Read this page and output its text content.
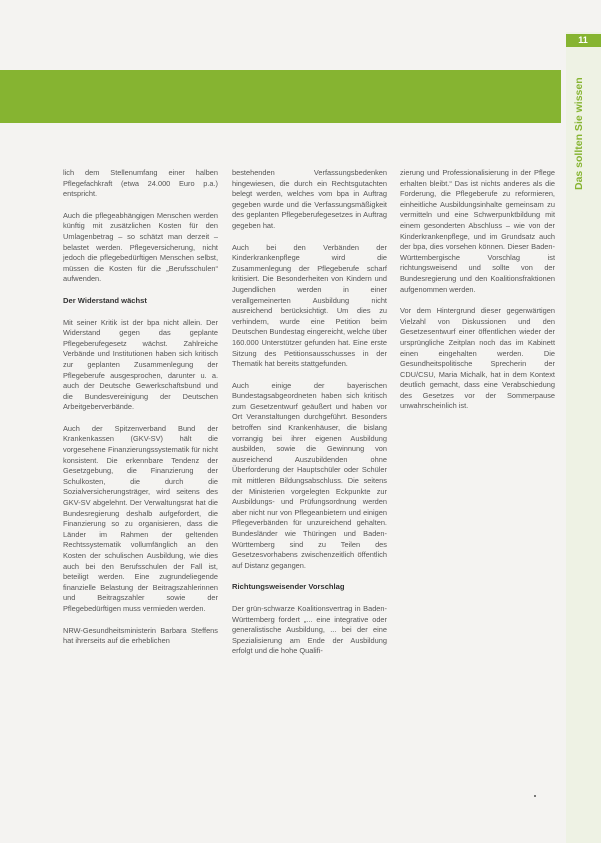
11
Das sollten Sie wissen

lich dem Stellenumfang einer halben Pflegefachkraft (etwa 24.000 Euro p.a.) entspricht.

Auch die pflegeabhängigen Menschen werden künftig mit zusätzlichen Kosten für den Umlagenbetrag – so schätzt man derzeit – belastet werden. Pflegeversicherung, nicht jedoch die pflegebedürftigen Menschen selbst, müssen die Kosten für die „Berufsschulen“ aufwenden.

Der Widerstand wächst

Mit seiner Kritik ist der bpa nicht allein. Der Widerstand gegen das geplante Pflegeberufegesetz wächst. Zahlreiche Verbände und Institutionen haben sich kritisch zur geplanten Zusammenlegung der Pflegeberufe ausgesprochen, darunter u. a. auch der Deutsche Gewerkschaftsbund und die Bundesvereinigung der Deutschen Arbeitgeberverbände.

Auch der Spitzenverband Bund der Krankenkassen (GKV-SV) hält die vorgesehene Finanzierungssystematik für nicht konsistent. Die erkennbare Tendenz der Gesetzgebung, die Finanzierung der Schulkosten, die durch die Sozialversicherungsträger, wird seitens des GKV-SV abgelehnt. Der Verwaltungsrat hat die Bundesregierung deshalb aufgefordert, die Finanzierung so zu organisieren, dass die Länder im Rahmen der geltenden Rechtssystematik vollumfänglich an den Kosten der schulischen Ausbildung, wie dies auch bei den Berufsschulen der Fall ist, beteiligt werden. Eine zugrundeliegende finanzielle Belastung der Beitragszahlerinnen und Beitragszahler sowie der Pflegebedürftigen muss vermieden werden.

NRW-Gesundheitsministerin Barbara Steffens hat ihrerseits auf die erheblichen

bestehenden Verfassungsbedenken hingewiesen, die durch ein Rechtsgutachten belegt werden, welches vom bpa in Auftrag gegeben wurde und die Verfassungsmäßigkeit des geplanten Pflegeberufegesetzes in Auftrag gegeben hat.

Auch bei den Verbänden der Kinderkrankenpflege wird die Zusammenlegung der Pflegeberufe scharf kritisiert. Die Besonderheiten von Kindern und Jugendlichen werden in einer verallgemeinerten Ausbildung nicht ausreichend berücksichtigt. Um dies zu verhindern, wurde eine Petition beim Deutschen Bundestag eingereicht, welche über 160.000 Unterstützer gefunden hat. Eine erste Sitzung des Petitionsausschusses in der Thematik hat bereits stattgefunden.

Auch einige der bayerischen Bundestagsabgeordneten haben sich kritisch zum Gesetzentwurf geäußert und haben vor Ort Veranstaltungen durchgeführt. Besonders betroffen sind Krankenhäuser, die bislang vorrangig bei ihrer eigenen Ausbildung ausbilden, sowie die Gewinnung von ausreichend Auszubildenden ohne Überforderung der Hauptschüler oder Schüler mit mittleren Bildungsabschluss. Die seitens der Ministerien vorgelegten Eckpunkte zur Ausbildungs- und Prüfungsordnung werden aber nicht nur von Pflegeanbietern und einigen Pflegeverbänden für unzureichend gehalten. Bundesländer wie Thüringen und Baden-Württemberg sind zu Teilen des Gesetzesvorhabens zwischenzeitlich öffentlich auf Distanz gegangen.

Richtungsweisender Vorschlag

Der grün-schwarze Koalitionsvertrag in Baden-Württemberg fordert „... eine integrative oder generalistische Ausbildung, ... bei der eine Spezialisierung am Ende der Ausbildung erfolgt und die hohe Qualifi-

zierung und Professionalisierung in der Pflege erhalten bleibt.“ Das ist nichts anderes als die Forderung, die Pflegeberufe zu reformieren, einheitliche Ausbildungsinhalte gemeinsam zu vermitteln und eine Schwerpunktbildung mit einem gesonderten Abschluss – wie von der Kinderkrankenpflege, und im Grundsatz auch der bpa, dies vorsehen können. Dieser Baden-Württembergische Vorschlag ist richtungsweisend und sollte von der Bundesregierung und den Koalitionsfraktionen aufgenommen werden.

Vor dem Hintergrund dieser gegenwärtigen Vielzahl von Diskussionen und den Gesetzesentwurf einer öffentlichen wieder der ursprüngliche Zeitplan noch das im Kabinett einen eingehalten werden. Die Gesundheitspolitische Sprecherin der CDU/CSU, Maria Michalk, hat in dem Kontext deutlich gemacht, dass eine Verabschiedung des Gesetzes vor der Sommerpause unwahrscheinlich ist.
